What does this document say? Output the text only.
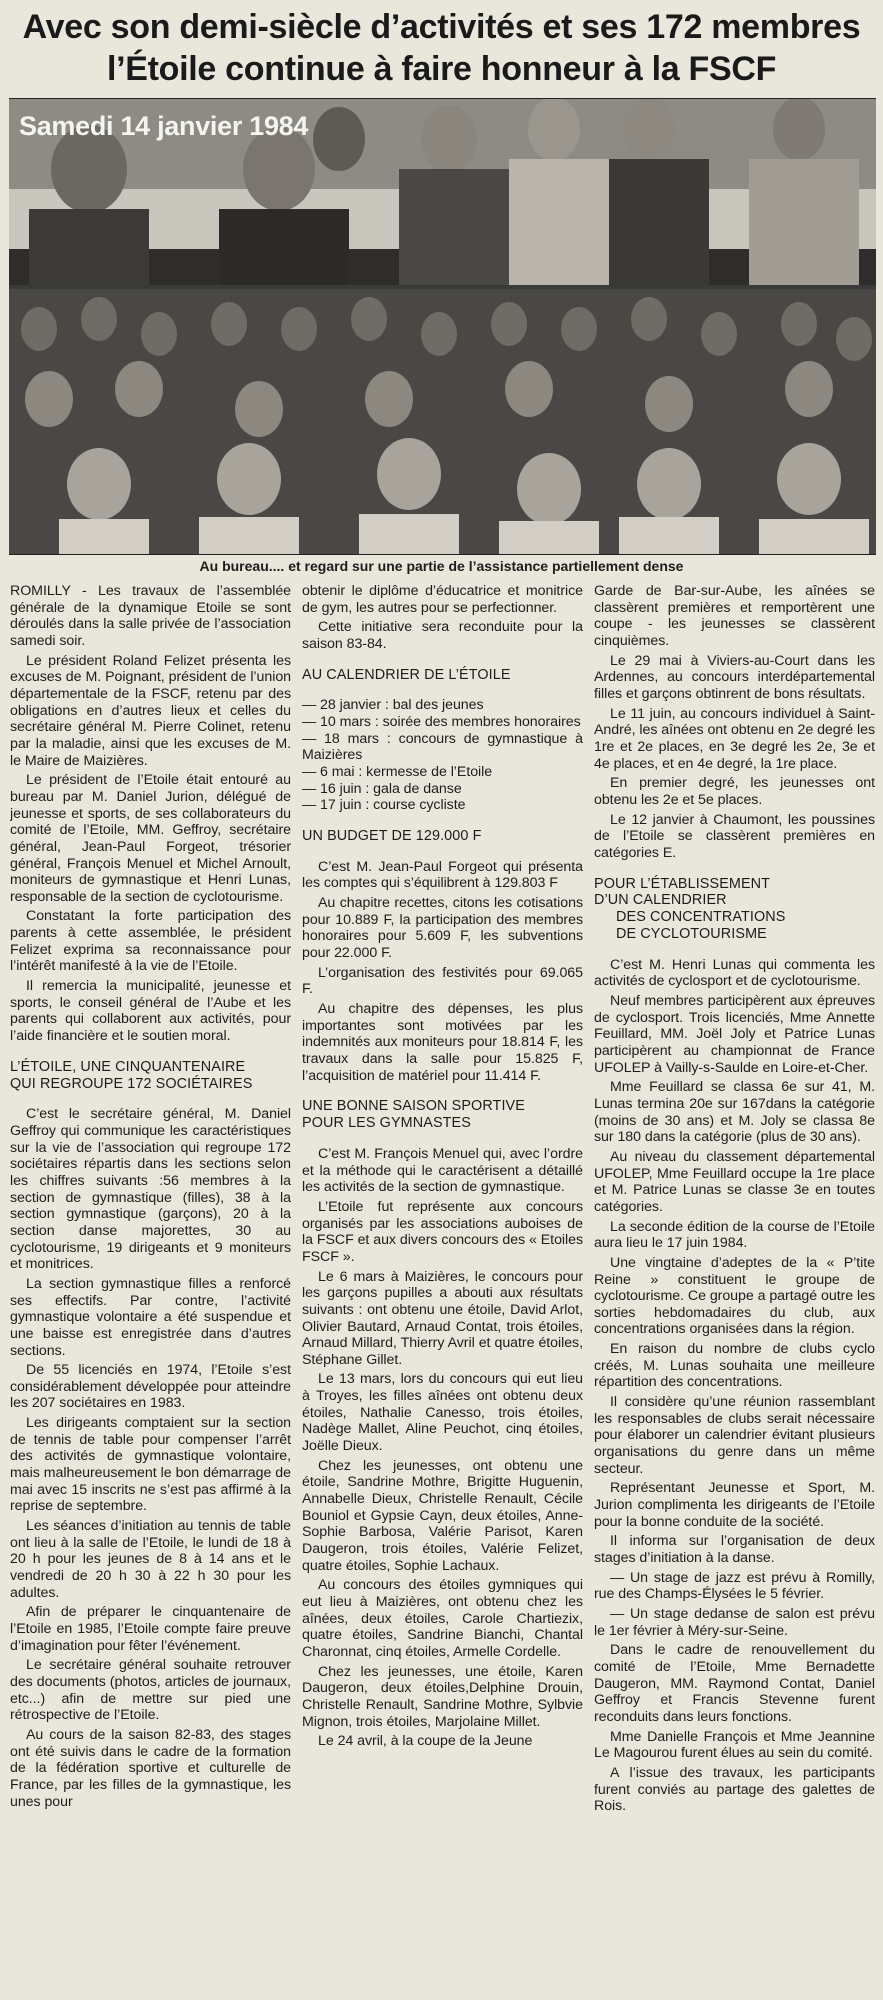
Avec son demi-siècle d’activités et ses 172 membres
l’Étoile continue à faire honneur à la FSCF
Samedi 14 janvier 1984
Au bureau.... et regard sur une partie de l’assistance partiellement dense

ROMILLY - Les travaux de l’assemblée générale de la dynamique Etoile se sont déroulés dans la salle privée de l’association samedi soir.

Le président Roland Felizet présenta les excuses de M. Poignant, président de l’union départementale de la FSCF, retenu par des obligations en d’autres lieux et celles du secrétaire général M. Pierre Colinet, retenu par la maladie, ainsi que les excuses de M. le Maire de Maizières.

Le président de l’Etoile était entouré au bureau par M. Daniel Jurion, délégué de jeunesse et sports, de ses collaborateurs du comité de l’Etoile, MM. Geffroy, secrétaire général, Jean-Paul Forgeot, trésorier général, François Menuel et Michel Arnoult, moniteurs de gymnastique et Henri Lunas, responsable de la section de cyclotourisme.

Constatant la forte participation des parents à cette assemblée, le président Felizet exprima sa reconnaissance pour l’intérêt manifesté à la vie de l’Etoile.

Il remercia la municipalité, jeunesse et sports, le conseil général de l’Aube et les parents qui collaborent aux activités, pour l’aide financière et le soutien moral.

L’ÉTOILE, UNE CINQUANTENAIRE
QUI REGROUPE 172 SOCIÉTAIRES

C’est le secrétaire général, M. Daniel Geffroy qui communique les caractéristiques sur la vie de l’association qui regroupe 172 sociétaires répartis dans les sections selon les chiffres suivants :56 membres à la section de gymnastique (filles), 38 à la section gymnastique (garçons), 20 à la section danse majorettes, 30 au cyclotourisme, 19 dirigeants et 9 moniteurs et monitrices.

La section gymnastique filles a renforcé ses effectifs. Par contre, l’activité gymnastique volontaire a été suspendue et une baisse est enregistrée dans d’autres sections.

De 55 licenciés en 1974, l’Etoile s’est considérablement développée pour atteindre les 207 sociétaires en 1983.

Les dirigeants comptaient sur la section de tennis de table pour compenser l’arrêt des activités de gymnastique volontaire, mais malheureusement le bon démarrage de mai avec 15 inscrits ne s’est pas affirmé à la reprise de septembre.

Les séances d’initiation au tennis de table ont lieu à la salle de l’Etoile, le lundi de 18 à 20 h pour les jeunes de 8 à 14 ans et le vendredi de 20 h 30 à 22 h 30 pour les adultes.

Afin de préparer le cinquantenaire de l’Etoile en 1985, l’Etoile compte faire preuve d’imagination pour fêter l’événement.

Le secrétaire général souhaite retrouver des documents (photos, articles de journaux, etc...) afin de mettre sur pied une rétrospective de l’Etoile.

Au cours de la saison 82-83, des stages ont été suivis dans le cadre de la formation de la fédération sportive et culturelle de France, par les filles de la gymnastique, les unes pour

obtenir le diplôme d’éducatrice et monitrice de gym, les autres pour se perfectionner.

Cette initiative sera reconduite pour la saison 83-84.

AU CALENDRIER DE L’ÉTOILE
— 28 janvier : bal des jeunes
— 10 mars : soirée des membres honoraires
— 18 mars : concours de gymnastique à Maizières
— 6 mai : kermesse de l’Etoile
— 16 juin : gala de danse
— 17 juin : course cycliste
UN BUDGET DE 129.000 F

C’est M. Jean-Paul Forgeot qui présenta les comptes qui s’équilibrent à 129.803 F

Au chapitre recettes, citons les cotisations pour 10.889 F, la participation des membres honoraires pour 5.609 F, les subventions pour 22.000 F.

L’organisation des festivités pour 69.065 F.

Au chapitre des dépenses, les plus importantes sont motivées par les indemnités aux moniteurs pour 18.814 F, les travaux dans la salle pour 15.825 F, l’acquisition de matériel pour 11.414 F.

UNE BONNE SAISON SPORTIVE
POUR LES GYMNASTES

C’est M. François Menuel qui, avec l’ordre et la méthode qui le caractérisent a détaillé les activités de la section de gymnastique.

L’Etoile fut représente aux concours organisés par les associations auboises de la FSCF et aux divers concours des « Etoiles FSCF ».

Le 6 mars à Maizières, le concours pour les garçons pupilles a abouti aux résultats suivants : ont obtenu une étoile, David Arlot, Olivier Bautard, Arnaud Contat, trois étoiles, Arnaud Millard, Thierry Avril et quatre étoiles, Stéphane Gillet.

Le 13 mars, lors du concours qui eut lieu à Troyes, les filles aînées ont obtenu deux étoiles, Nathalie Canesso, trois étoiles, Nadège Mallet, Aline Peuchot, cinq étoiles, Joëlle Dieux.

Chez les jeunesses, ont obtenu une étoile, Sandrine Mothre, Brigitte Huguenin, Annabelle Dieux, Christelle Renault, Cécile Bouniol et Gypsie Cayn, deux étoiles, Anne-Sophie Barbosa, Valérie Parisot, Karen Daugeron, trois étoiles, Valérie Felizet, quatre étoiles, Sophie Lachaux.

Au concours des étoiles gymniques qui eut lieu à Maizières, ont obtenu chez les aînées, deux étoiles, Carole Chartiezix, quatre étoiles, Sandrine Bianchi, Chantal Charonnat, cinq étoiles, Armelle Cordelle.

Chez les jeunesses, une étoile, Karen Daugeron, deux étoiles,Delphine Drouin, Christelle Renault, Sandrine Mothre, Sylbvie Mignon, trois étoiles, Marjolaine Millet.

Le 24 avril, à la coupe de la Jeune

Garde de Bar-sur-Aube, les aînées se classèrent premières et remportèrent une coupe - les jeunesses se classèrent cinquièmes.

Le 29 mai à Viviers-au-Court dans les Ardennes, au concours interdépartemental filles et garçons obtinrent de bons résultats.

Le 11 juin, au concours individuel à Saint-André, les aînées ont obtenu en 2e degré les 1re et 2e places, en 3e degré les 2e, 3e et 4e places, et en 4e degré, la 1re place.

En premier degré, les jeunesses ont obtenu les 2e et 5e places.

Le 12 janvier à Chaumont, les poussines de l’Etoile se classèrent premières en catégories E.

POUR L’ÉTABLISSEMENT
D’UN CALENDRIER
DES CONCENTRATIONS
DE CYCLOTOURISME

C’est M. Henri Lunas qui commenta les activités de cyclosport et de cyclotourisme.

Neuf membres participèrent aux épreuves de cyclosport. Trois licenciés, Mme Annette Feuillard, MM. Joël Joly et Patrice Lunas participèrent au championnat de France UFOLEP à Vailly-s-Saulde en Loire-et-Cher.

Mme Feuillard se classa 6e sur 41, M. Lunas termina 20e sur 167dans la catégorie (moins de 30 ans) et M. Joly se classa 8e sur 180 dans la catégorie (plus de 30 ans).

Au niveau du classement départemental UFOLEP, Mme Feuillard occupe la 1re place et M. Patrice Lunas se classe 3e en toutes catégories.

La seconde édition de la course de l’Etoile aura lieu le 17 juin 1984.

Une vingtaine d’adeptes de la « P’tite Reine » constituent le groupe de cyclotourisme. Ce groupe a partagé outre les sorties hebdomadaires du club, aux concentrations organisées dans la région.

En raison du nombre de clubs cyclo créés, M. Lunas souhaita une meilleure répartition des concentrations.

Il considère qu’une réunion rassemblant les responsables de clubs serait nécessaire pour élaborer un calendrier évitant plusieurs organisations du genre dans un même secteur.

Représentant Jeunesse et Sport, M. Jurion complimenta les dirigeants de l’Etoile pour la bonne conduite de la société.

Il informa sur l’organisation de deux stages d’initiation à la danse.

— Un stage de jazz est prévu à Romilly, rue des Champs-Élysées le 5 février.

— Un stage dedanse de salon est prévu le 1er février à Méry-sur-Seine.

Dans le cadre de renouvellement du comité de l’Etoile, Mme Bernadette Daugeron, MM. Raymond Contat, Daniel Geffroy et Francis Stevenne furent reconduits dans leurs fonctions.

Mme Danielle François et Mme Jeannine Le Magourou furent élues au sein du comité.

A l’issue des travaux, les participants furent conviés au partage des galettes de Rois.
